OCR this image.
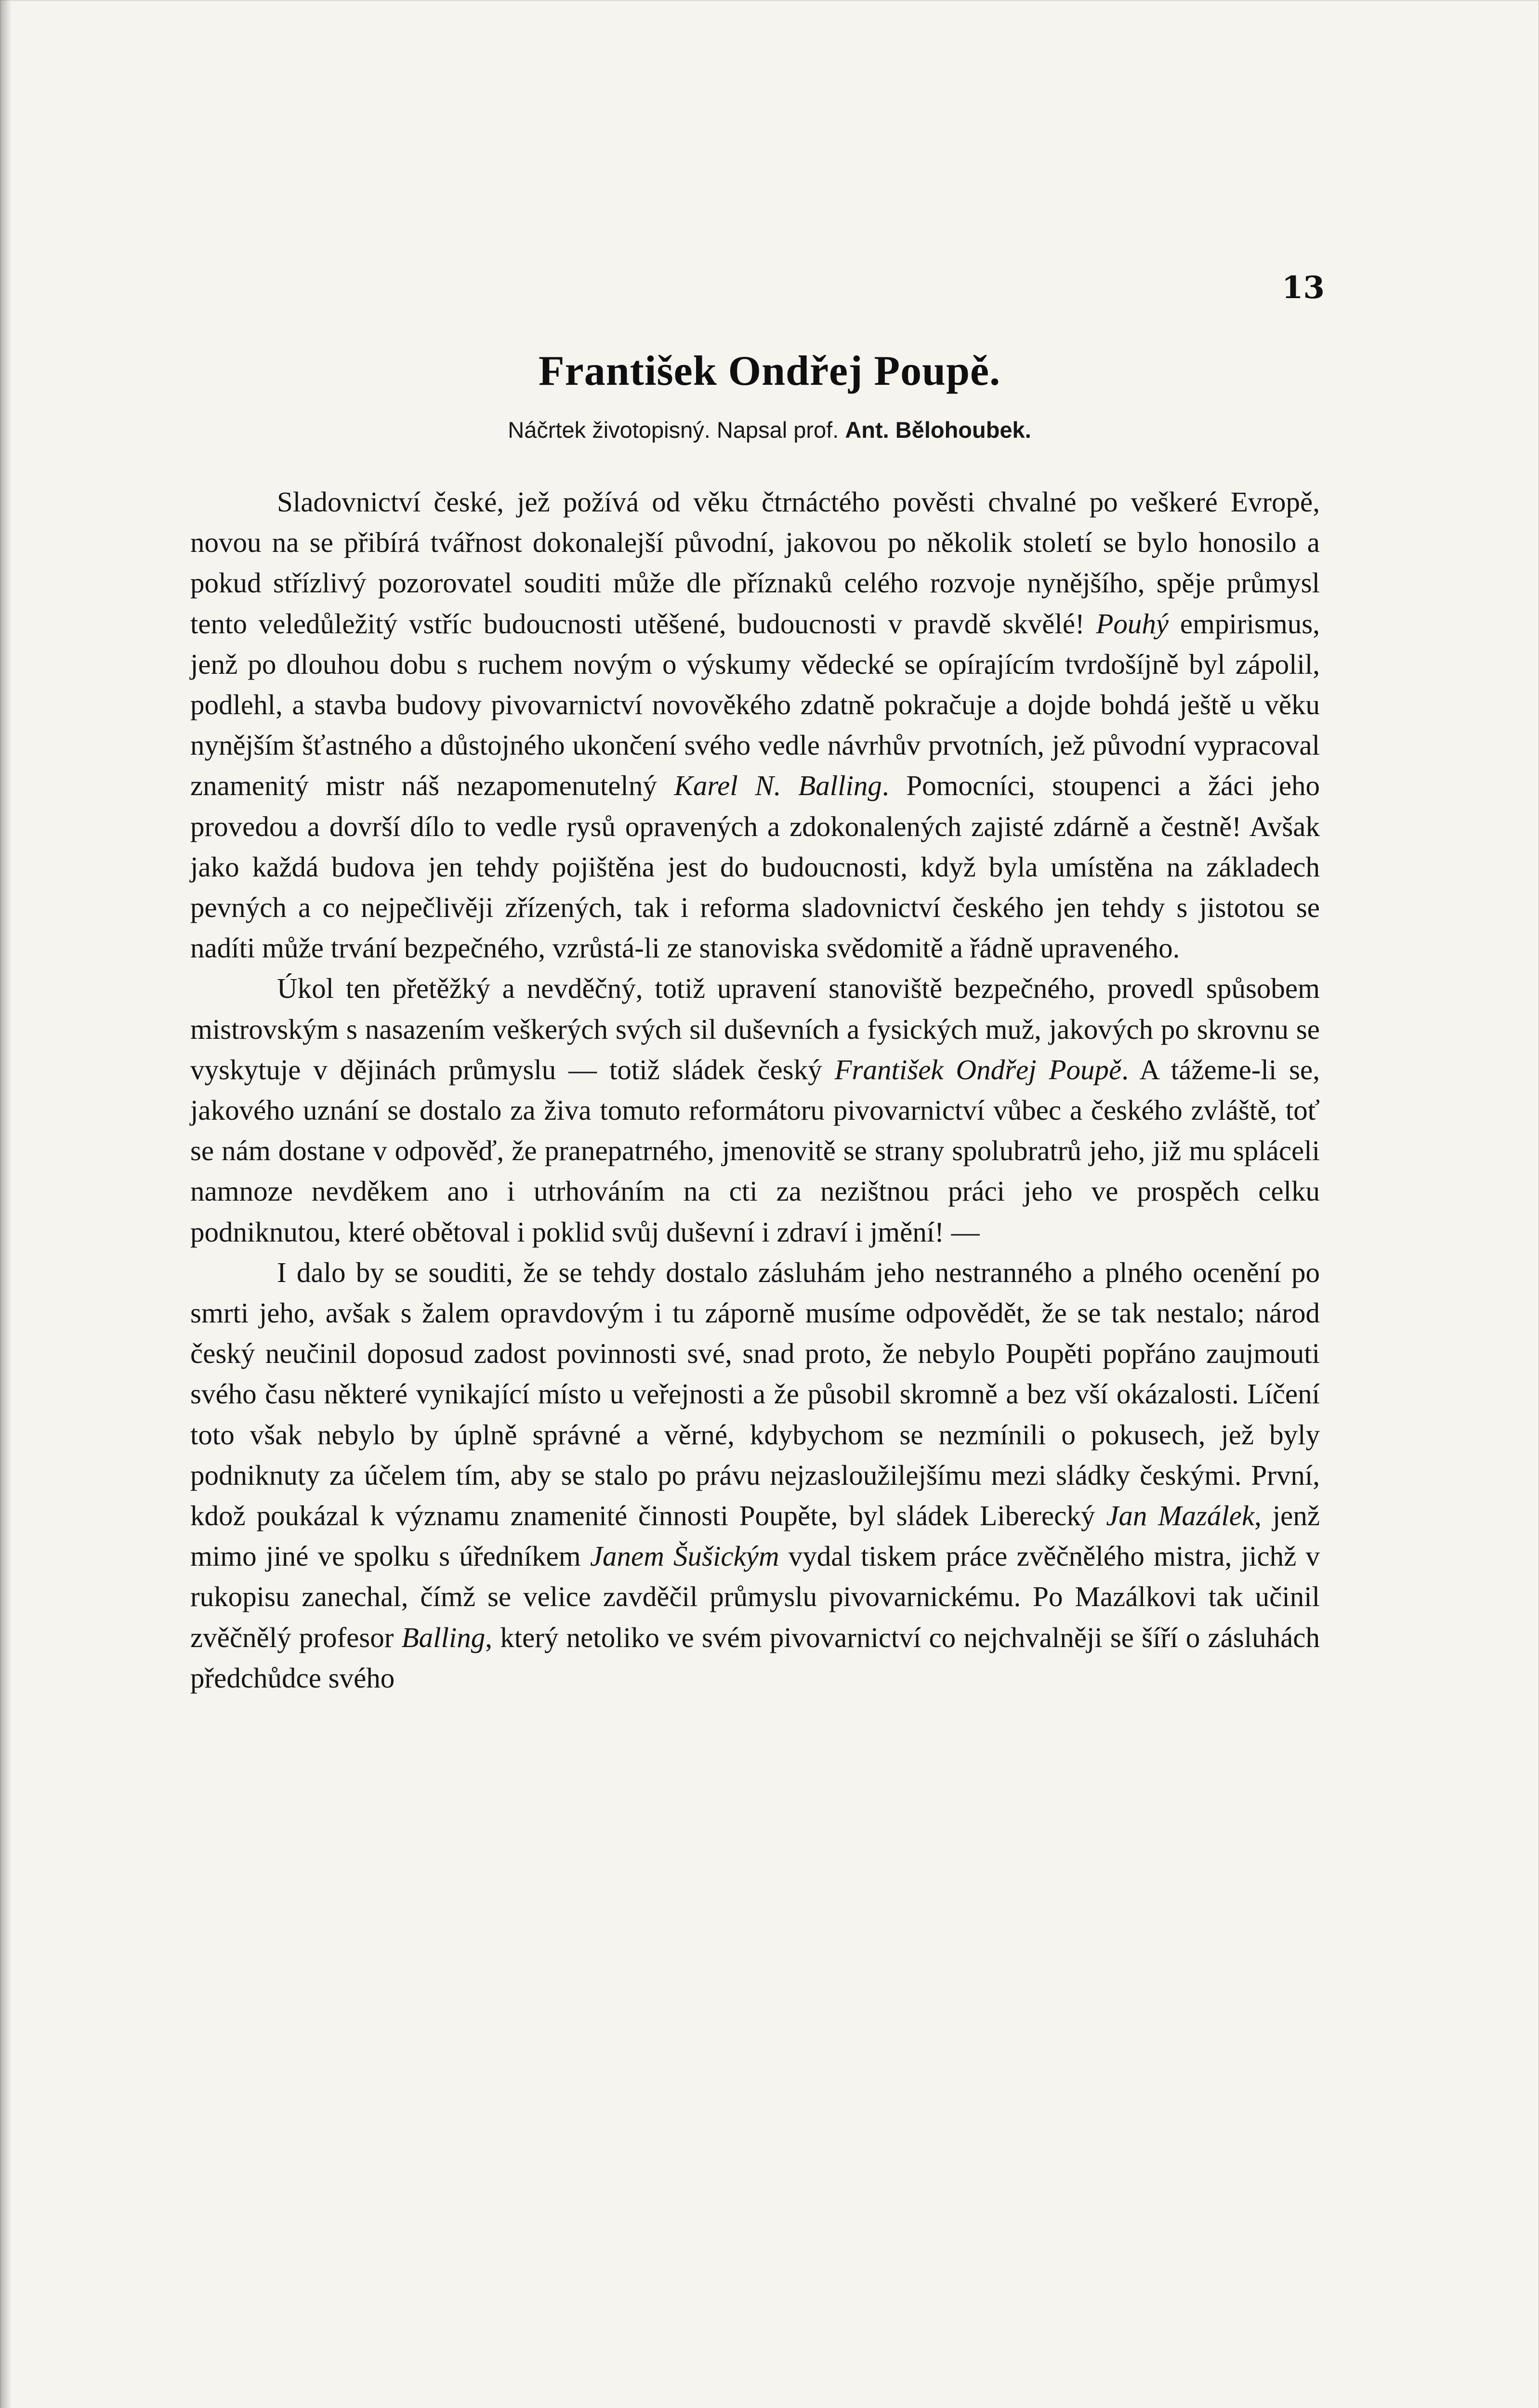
13
František Ondřej Poupě.
Náčrtek životopisný. Napsal prof. Ant. Bělohoubek.

Sladovnictví české, jež požívá od věku čtrnáctého pověsti chvalné po veškeré Evropě, novou na se přibírá tvářnost dokonalejší původní, jakovou po několik století se bylo honosilo a pokud střízlivý pozorovatel souditi může dle příznaků celého rozvoje nynějšího, spěje průmysl tento veledůležitý vstříc budoucnosti utěšené, budoucnosti v pravdě skvělé! Pouhý empirismus, jenž po dlouhou dobu s ruchem novým o výskumy vědecké se opírajícím tvrdošíjně byl zápolil, podlehl, a stavba budovy pivovarnictví novověkého zdatně pokračuje a dojde bohdá ještě u věku nynějším šťastného a důstojného ukončení svého vedle návrhův prvotních, jež původní vypracoval znamenitý mistr náš nezapomenutelný Karel N. Balling. Pomocníci, stoupenci a žáci jeho provedou a dovrší dílo to vedle rysů opravených a zdokonalených zajisté zdárně a čestně! Avšak jako každá budova jen tehdy pojištěna jest do budoucnosti, když byla umístěna na základech pevných a co nejpečlivěji zřízených, tak i reforma sladovnictví českého jen tehdy s jistotou se nadíti může trvání bezpečného, vzrůstá-li ze stanoviska svědomitě a řádně upraveného.

Úkol ten přetěžký a nevděčný, totiž upravení stanoviště bezpečného, provedl spůsobem mistrovským s nasazením veškerých svých sil duševních a fysických muž, jakových po skrovnu se vyskytuje v dějinách průmyslu — totiž sládek český František Ondřej Poupě. A tážeme-li se, jakového uznání se dostalo za živa tomuto reformátoru pivovarnictví vůbec a českého zvláště, toť se nám dostane v odpověď, že pranepatrného, jmenovitě se strany spolubratrů jeho, již mu spláceli namnoze nevděkem ano i utrhováním na cti za nezištnou práci jeho ve prospěch celku podniknutou, které obětoval i poklid svůj duševní i zdraví i jmění! —

I dalo by se souditi, že se tehdy dostalo zásluhám jeho nestranného a plného ocenění po smrti jeho, avšak s žalem opravdovým i tu záporně musíme odpovědět, že se tak nestalo; národ český neučinil doposud zadost povinnosti své, snad proto, že nebylo Poupěti popřáno zaujmouti svého času některé vynikající místo u veřejnosti a že působil skromně a bez vší okázalosti. Líčení toto však nebylo by úplně správné a věrné, kdybychom se nezmínili o pokusech, jež byly podniknuty za účelem tím, aby se stalo po právu nejzasloužilejšímu mezi sládky českými. První, kdož poukázal k významu znamenité činnosti Poupěte, byl sládek Liberecký Jan Mazálek, jenž mimo jiné ve spolku s úředníkem Janem Šušickým vydal tiskem práce zvěčnělého mistra, jichž v rukopisu zanechal, čímž se velice zavděčil průmyslu pivovarnickému. Po Mazálkovi tak učinil zvěčnělý profesor Balling, který netoliko ve svém pivovarnictví co nejchvalněji se šíří o zásluhách předchůdce svého
